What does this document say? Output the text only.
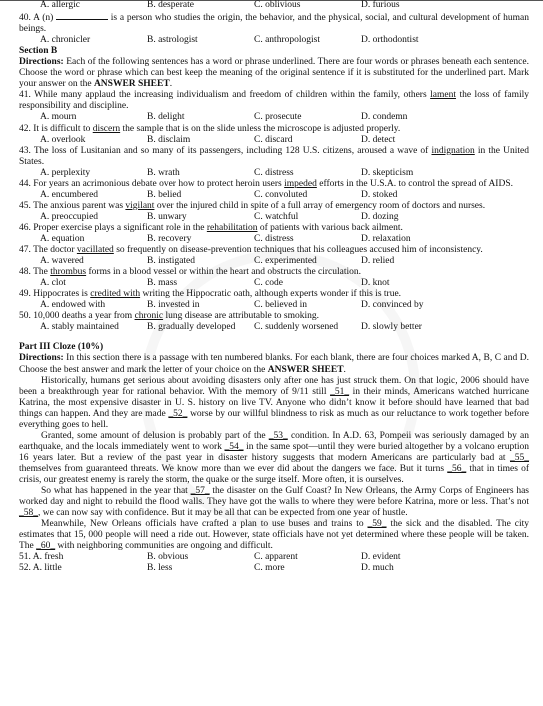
A. allergic	B. desperate	C. oblivious	D. furious
40. A (n)	is a person who studies the origin, the behavior, and the physical, social, and cultural development of human beings.
A. chronicler	B. astrologist	C. anthropologist	D. orthodontist
Section B
Directions: Each of the following sentences has a word or phrase underlined. There are four words or phrases beneath each sentence. Choose the word or phrase which can best keep the meaning of the original sentence if it is substituted for the underlined part. Mark your answer on the ANSWER SHEET.
41. While many applaud the increasing individualism and freedom of children within the family, others lament the loss of family responsibility and discipline.
A. mourn	B. delight	C. prosecute	D. condemn
42. It is difficult to discern the sample that is on the slide unless the microscope is adjusted properly.
A. overlook	B. disclaim	C. discard	D. detect
43. The loss of Lusitanian and so many of its passengers, including 128 U.S. citizens, aroused a wave of indignation in the United States.
A. perplexity	B. wrath	C. distress	D. skepticism
44. For years an acrimonious debate over how to protect heroin users impeded efforts in the U.S.A. to control the spread of AIDS.
A. encumbered	B. belied	C. convoluted	D. stoked
45. The anxious parent was vigilant over the injured child in spite of a full array of emergency room of doctors and nurses.
A. preoccupied	B. unwary	C. watchful	D. dozing
46. Proper exercise plays a significant role in the rehabilitation of patients with various back ailment.
A. equation	B. recovery	C. distress	D. relaxation
47. The doctor vacillated so frequently on disease-prevention techniques that his colleagues accused him of inconsistency.
A. wavered	B. instigated	C. experimented	D. relied
48. The thrombus forms in a blood vessel or within the heart and obstructs the circulation.
A. clot	B. mass	C. code	D. knot
49. Hippocrates is credited with writing the Hippocratic oath, although experts wonder if this is true.
A. endowed with	B. invested in	C. believed in	D. convinced by
50. 10,000 deaths a year from chronic lung disease are attributable to smoking.
A. stably maintained	B. gradually developed	C. suddenly worsened	D. slowly better
Part III Cloze (10%)
Directions: In this section there is a passage with ten numbered blanks. For each blank, there are four choices marked A, B, C and D. Choose the best answer and mark the letter of your choice on the ANSWER SHEET.
Historically, humans get serious about avoiding disasters only after one has just struck them. On that logic, 2006 should have been a breakthrough year for rational behavior. With the memory of 9/11 still _51_ in their minds, Americans watched hurricane Katrina, the most expensive disaster in U. S. history on live TV. Anyone who didn’t know it before should have learned that bad things can happen. And they are made _52_ worse by our willful blindness to risk as much as our reluctance to work together before everything goes to hell.
Granted, some amount of delusion is probably part of the _53_ condition. In A.D. 63, Pompeii was seriously damaged by an earthquake, and the locals immediately went to work _54_ in the same spot—until they were buried altogether by a volcano eruption 16 years later. But a review of the past year in disaster history suggests that modern Americans are particularly bad at _55_ themselves from guaranteed threats. We know more than we ever did about the dangers we face. But it turns _56_ that in times of crisis, our greatest enemy is rarely the storm, the quake or the surge itself. More often, it is ourselves.
So what has happened in the year that _57_ the disaster on the Gulf Coast? In New Orleans, the Army Corps of Engineers has worked day and night to rebuild the flood walls. They have got the walls to where they were before Katrina, more or less. That’s not _58_, we can now say with confidence. But it may be all that can be expected from one year of hustle.
Meanwhile, New Orleans officials have crafted a plan to use buses and trains to _59_ the sick and the disabled. The city estimates that 15, 000 people will need a ride out. However, state officials have not yet determined where these people will be taken. The _60_ with neighboring communities are ongoing and difficult.
51. A. fresh	B. obvious	C. apparent	D. evident
52. A. little	B. less	C. more	D. much
